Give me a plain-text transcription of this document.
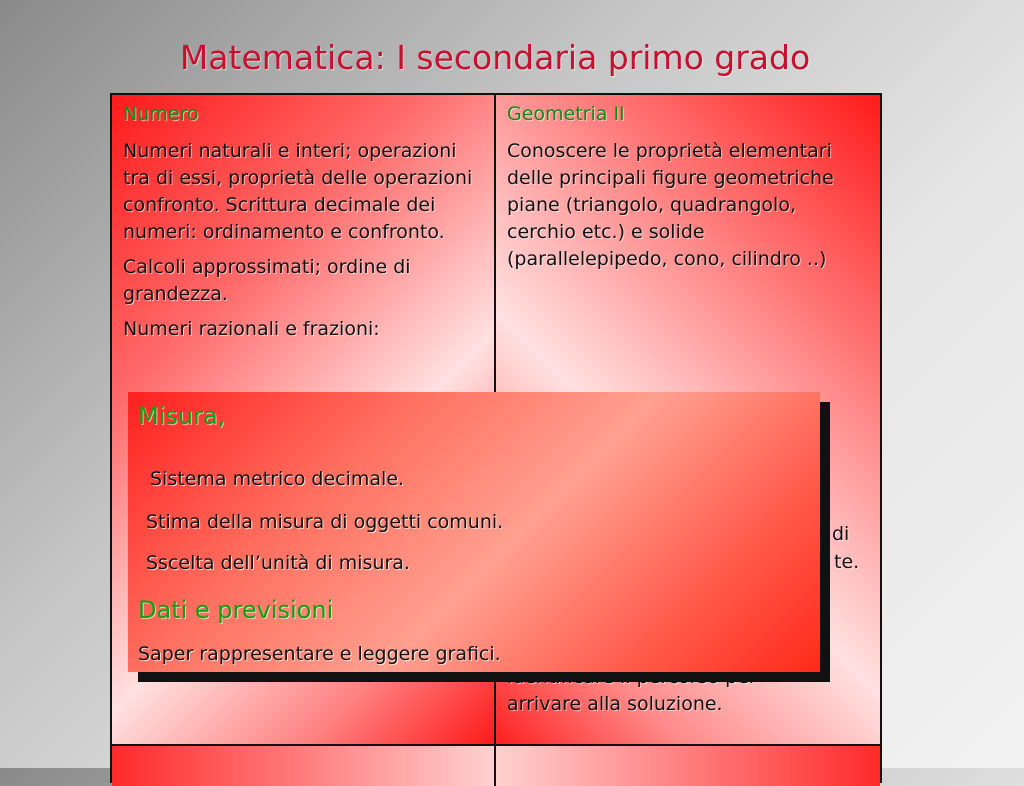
Matematica: I secondaria primo grado
Numero

Numeri naturali e interi; operazioni tra di essi, proprietà delle operazioni confronto. Scrittura decimale dei numeri: ordinamento e confronto.

Calcoli approssimati; ordine di grandezza.

Numeri razionali e frazioni:

Geometria II

Conoscere le proprietà elementari delle principali figure geometriche piane (triangolo, quadrangolo, cerchio etc.) e solide (parallelepipedo, cono, cilindro ..)

di
te.
arrivare alla soluzione.
Misura,
Sistema metrico decimale.
Stima della misura di oggetti comuni.
Sscelta dell’unità di misura.
Dati e previsioni
Saper rappresentare e leggere grafici.
